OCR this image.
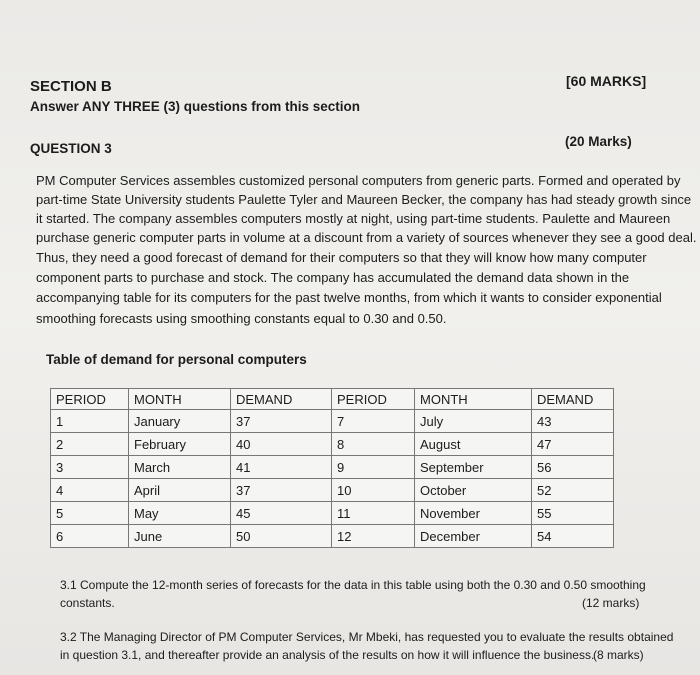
SECTION B	[60 MARKS]
Answer ANY THREE (3) questions from this section
QUESTION 3	(20 Marks)
PM Computer Services assembles customized personal computers from generic parts. Formed and operated by
part-time State University students Paulette Tyler and Maureen Becker, the company has had steady growth since
it started. The company assembles computers mostly at night, using part-time students. Paulette and Maureen
purchase generic computer parts in volume at a discount from a variety of sources whenever they see a good deal.
Thus, they need a good forecast of demand for their computers so that they will know how many computer
component parts to purchase and stock. The company has accumulated the demand data shown in the
accompanying table for its computers for the past twelve months, from which it wants to consider exponential
smoothing forecasts using smoothing constants equal to 0.30 and 0.50.
Table of demand for personal computers
PERIOD	MONTH	DEMAND	PERIOD	MONTH	DEMAND
1	January	37	7	July	43
2	February	40	8	August	47
3	March	41	9	September	56
4	April	37	10	October	52
5	May	45	11	November	55
6	June	50	12	December	54
3.1 Compute the 12-month series of forecasts for the data in this table using both the 0.30 and 0.50 smoothing
constants.	(12 marks)
3.2 The Managing Director of PM Computer Services, Mr Mbeki, has requested you to evaluate the results obtained
in question 3.1, and thereafter provide an analysis of the results on how it will influence the business.
(8 marks)
